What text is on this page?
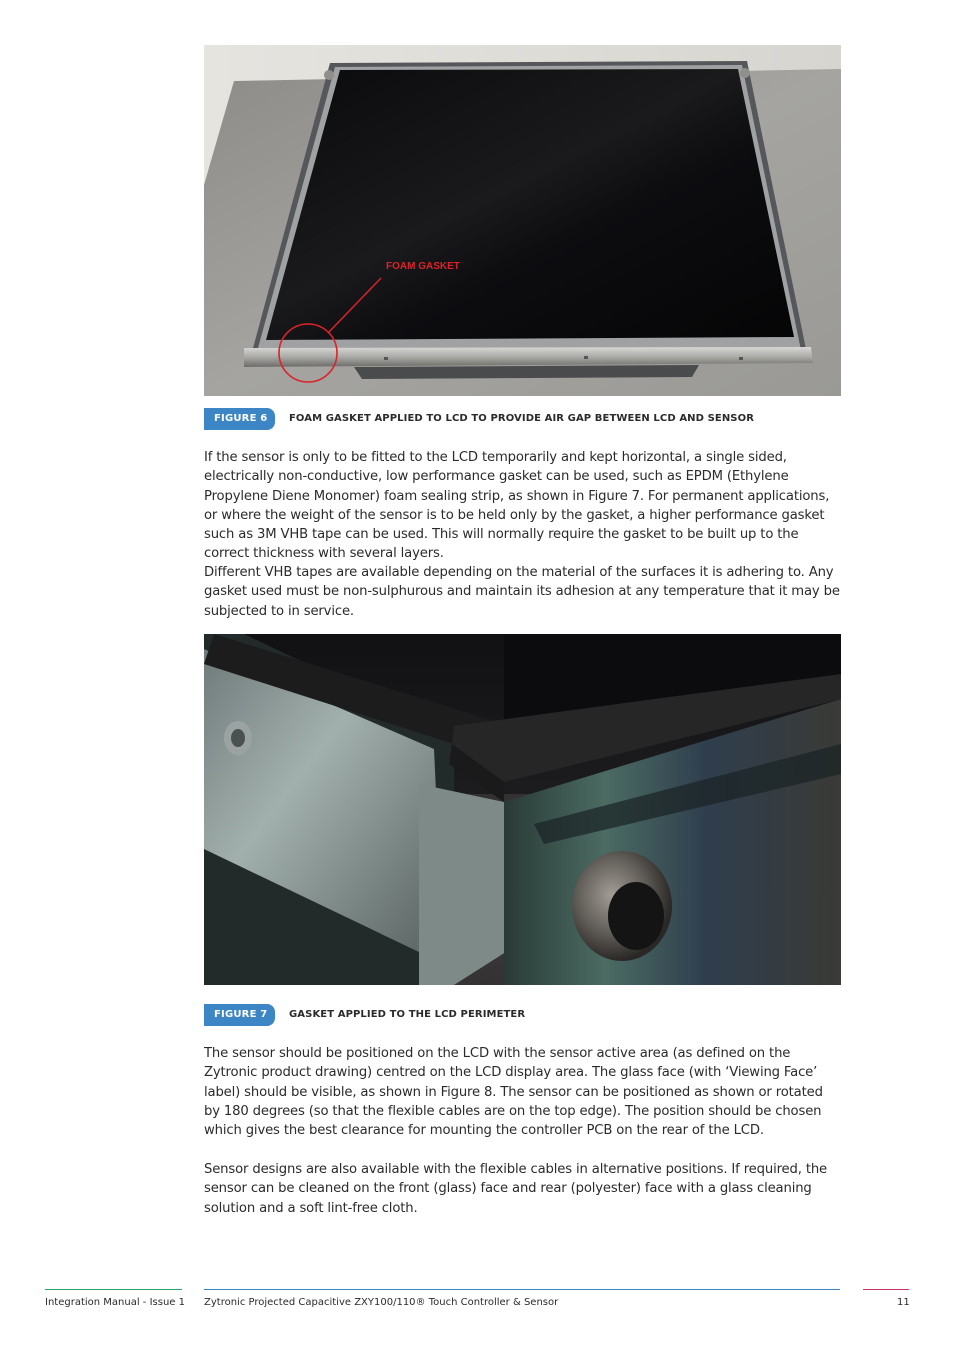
FOAM GASKET
FIGURE 6	FOAM GASKET APPLIED TO LCD TO PROVIDE AIR GAP BETWEEN LCD AND SENSOR

If the sensor is only to be fitted to the LCD temporarily and kept horizontal, a single sided, electrically non-conductive, low performance gasket can be used, such as EPDM (Ethylene Propylene Diene Monomer) foam sealing strip, as shown in Figure 7. For permanent applications, or where the weight of the sensor is to be held only by the gasket, a higher performance gasket such as 3M VHB tape can be used. This will normally require the gasket to be built up to the correct thickness with several layers.

Different VHB tapes are available depending on the material of the surfaces it is adhering to. Any gasket used must be non-sulphurous and maintain its adhesion at any temperature that it may be subjected to in service.

FIGURE 7	GASKET APPLIED TO THE LCD PERIMETER

The sensor should be positioned on the LCD with the sensor active area (as defined on the Zytronic product drawing) centred on the LCD display area. The glass face (with ‘Viewing Face’ label) should be visible, as shown in Figure 8. The sensor can be positioned as shown or rotated by 180 degrees (so that the flexible cables are on the top edge). The position should be chosen which gives the best clearance for mounting the controller PCB on the rear of the LCD.

Sensor designs are also available with the flexible cables in alternative positions. If required, the sensor can be cleaned on the front (glass) face and rear (polyester) face with a glass cleaning solution and a soft lint-free cloth.

Integration Manual - Issue 1 Zytronic Projected Capacitive ZXY100/110® Touch Controller & Sensor	11
